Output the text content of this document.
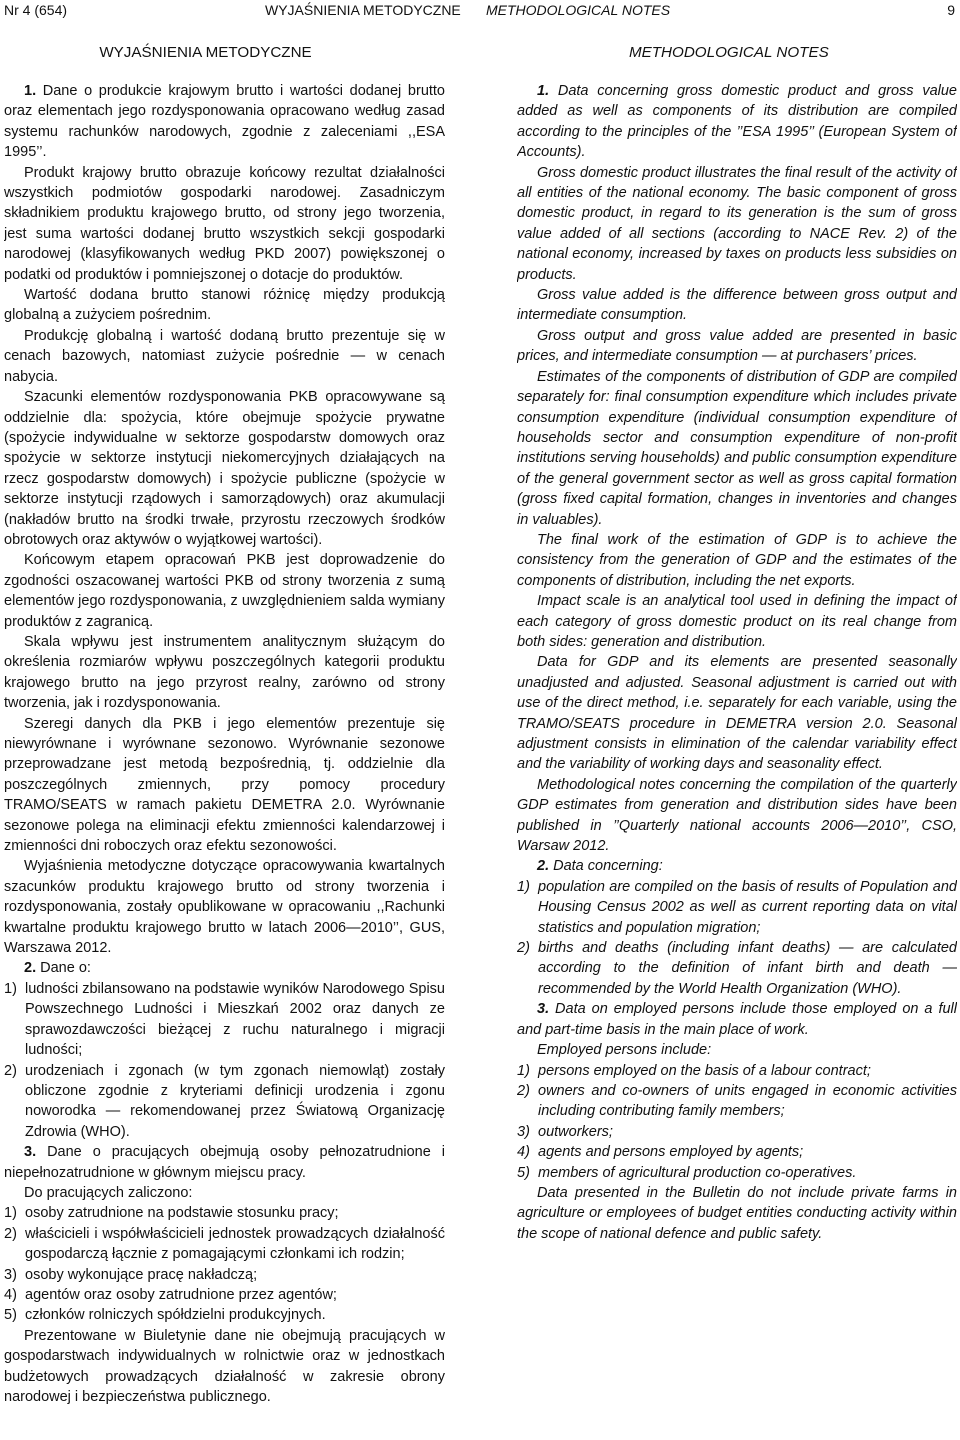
Nr 4 (654)	WYJAŚNIENIA METODYCZNE METHODOLOGICAL NOTES	9
WYJAŚNIENIA METODYCZNE

1. Dane o produkcie krajowym brutto i wartości dodanej brutto oraz elementach jego rozdysponowania opracowano według zasad systemu rachunków narodowych, zgodnie z zaleceniami ,,ESA 1995’’.

Produkt krajowy brutto obrazuje końcowy rezultat działalności wszystkich podmiotów gospodarki narodowej. Zasadniczym składnikiem produktu krajowego brutto, od strony jego tworzenia, jest suma wartości dodanej brutto wszystkich sekcji gospodarki narodowej (klasyfikowanych według PKD 2007) powiększonej o podatki od produktów i pomniejszonej o dotacje do produktów.

Wartość dodana brutto stanowi różnicę między produkcją globalną a zużyciem pośrednim.

Produkcję globalną i wartość dodaną brutto prezentuje się w cenach bazowych, natomiast zużycie pośrednie — w cenach nabycia.

Szacunki elementów rozdysponowania PKB opracowywane są oddzielnie dla: spożycia, które obejmuje spożycie prywatne (spożycie indywidualne w sektorze gospodarstw domowych oraz spożycie w sektorze instytucji niekomercyjnych działających na rzecz gospodarstw domowych) i spożycie publiczne (spożycie w sektorze instytucji rządowych i samorządowych) oraz akumulacji (nakładów brutto na środki trwałe, przyrostu rzeczowych środków obrotowych oraz aktywów o wyjątkowej wartości).

Końcowym etapem opracowań PKB jest doprowadzenie do zgodności oszacowanej wartości PKB od strony tworzenia z sumą elementów jego rozdysponowania, z uwzględnieniem salda wymiany produktów z zagranicą.

Skala wpływu jest instrumentem analitycznym służącym do określenia rozmiarów wpływu poszczególnych kategorii produktu krajowego brutto na jego przyrost realny, zarówno od strony tworzenia, jak i rozdysponowania.

Szeregi danych dla PKB i jego elementów prezentuje się niewyrównane i wyrównane sezonowo. Wyrównanie sezonowe przeprowadzane jest metodą bezpośrednią, tj. oddzielnie dla poszczególnych zmiennych, przy pomocy procedury TRAMO/SEATS w ramach pakietu DEMETRA 2.0. Wyrównanie sezonowe polega na eliminacji efektu zmienności kalendarzowej i zmienności dni roboczych oraz efektu sezonowości.

Wyjaśnienia metodyczne dotyczące opracowywania kwartalnych szacunków produktu krajowego brutto od strony tworzenia i rozdysponowania, zostały opublikowane w opracowaniu ,,Rachunki kwartalne produktu krajowego brutto w latach 2006—2010’’, GUS, Warszawa 2012.

2. Dane o:

1) ludności zbilansowano na podstawie wyników Narodowego Spisu Powszechnego Ludności i Mieszkań 2002 oraz danych ze sprawozdawczości bieżącej z ruchu naturalnego i migracji ludności;
2) urodzeniach i zgonach (w tym zgonach niemowląt) zostały obliczone zgodnie z kryteriami definicji urodzenia i zgonu noworodka — rekomendowanej przez Światową Organizację Zdrowia (WHO).

3. Dane o pracujących obejmują osoby pełnozatrudnione i niepełnozatrudnione w głównym miejscu pracy.

Do pracujących zaliczono:

1) osoby zatrudnione na podstawie stosunku pracy;
2) właścicieli i współwłaścicieli jednostek prowadzących działalność gospodarczą łącznie z pomagającymi członkami ich rodzin;
3) osoby wykonujące pracę nakładczą;
4) agentów oraz osoby zatrudnione przez agentów;
5) członków rolniczych spółdzielni produkcyjnych.

Prezentowane w Biuletynie dane nie obejmują pracujących w gospodarstwach indywidualnych w rolnictwie oraz w jednostkach budżetowych prowadzących działalność w zakresie obrony narodowej i bezpieczeństwa publicznego.

METHODOLOGICAL NOTES

1. Data concerning gross domestic product and gross value added as well as components of its distribution are compiled according to the principles of the ’’ESA 1995’’ (European System of Accounts).

Gross domestic product illustrates the final result of the activity of all entities of the national economy. The basic component of gross domestic product, in regard to its generation is the sum of gross value added of all sections (according to NACE Rev. 2) of the national economy, increased by taxes on products less subsidies on products.

Gross value added is the difference between gross output and intermediate consumption.

Gross output and gross value added are presented in basic prices, and intermediate consumption — at purchasers’ prices.

Estimates of the components of distribution of GDP are compiled separately for: final consumption expenditure which includes private consumption expenditure (individual consumption expenditure of households sector and consumption expenditure of non-profit institutions serving households) and public consumption expenditure of the general government sector as well as gross capital formation (gross fixed capital formation, changes in inventories and changes in valuables).

The final work of the estimation of GDP is to achieve the consistency from the generation of GDP and the estimates of the components of distribution, including the net exports.

Impact scale is an analytical tool used in defining the impact of each category of gross domestic product on its real change from both sides: generation and distribution.

Data for GDP and its elements are presented seasonally unadjusted and adjusted. Seasonal adjustment is carried out with use of the direct method, i.e. separately for each variable, using the TRAMO/SEATS procedure in DEMETRA version 2.0. Seasonal adjustment consists in elimination of the calendar variability effect and the variability of working days and seasonality effect.

Methodological notes concerning the compilation of the quarterly GDP estimates from generation and distribution sides have been published in ’’Quarterly national accounts 2006—2010’’, CSO, Warsaw 2012.

2. Data concerning:

1) population are compiled on the basis of results of Population and Housing Census 2002 as well as current reporting data on vital statistics and population migration;
2) births and deaths (including infant deaths) — are calculated according to the definition of infant birth and death — recommended by the World Health Organization (WHO).

3. Data on employed persons include those employed on a full and part-time basis in the main place of work.

Employed persons include:

1) persons employed on the basis of a labour contract;
2) owners and co-owners of units engaged in economic activities including contributing family members;
3) outworkers;
4) agents and persons employed by agents;
5) members of agricultural production co-operatives.

Data presented in the Bulletin do not include private farms in agriculture or employees of budget entities conducting activity within the scope of national defence and public safety.
